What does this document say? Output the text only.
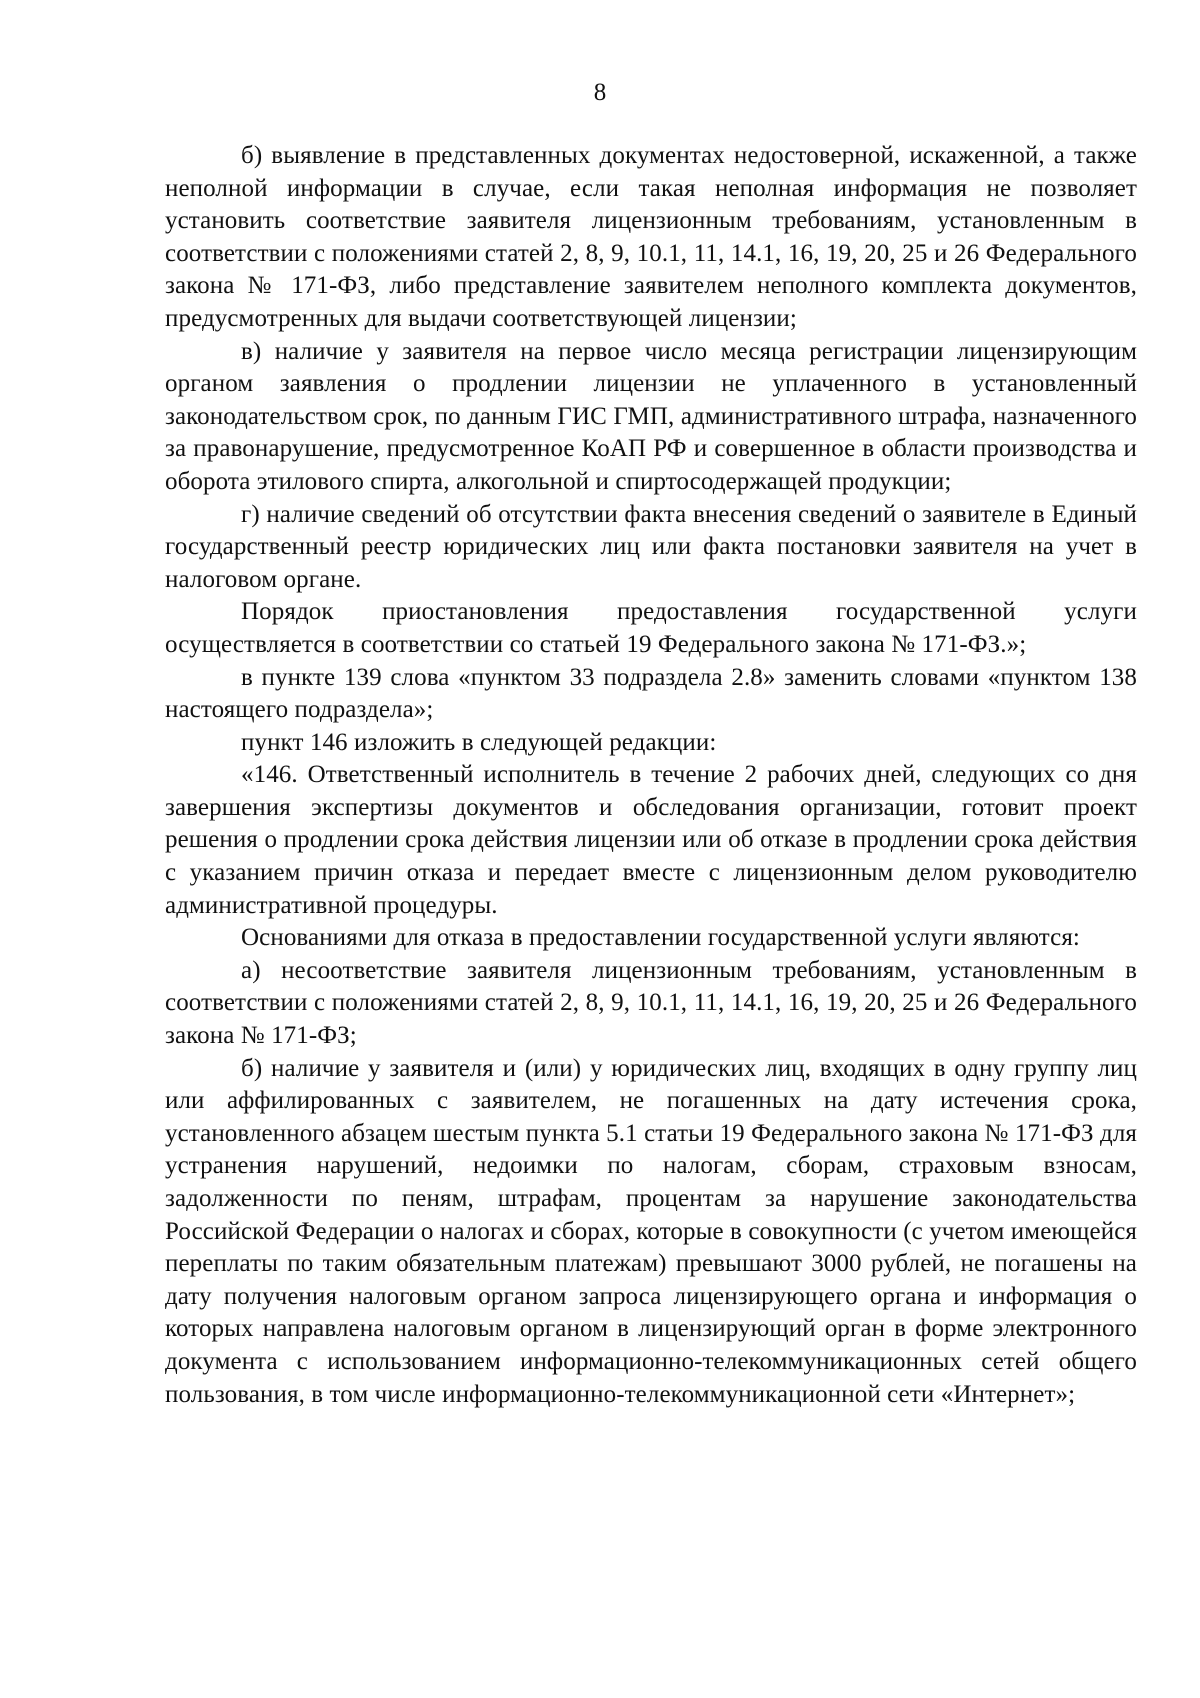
8

б) выявление в представленных документах недостоверной, искаженной, а также неполной информации в случае, если такая неполная информация не позволяет установить соответствие заявителя лицензионным требованиям, установленным в соответствии с положениями статей 2, 8, 9, 10.1, 11, 14.1, 16, 19, 20, 25 и 26 Федерального закона № 171-ФЗ, либо представление заявителем неполного комплекта документов, предусмотренных для выдачи соответствующей лицензии;

в) наличие у заявителя на первое число месяца регистрации лицензирующим органом заявления о продлении лицензии не уплаченного в установленный законодательством срок, по данным ГИС ГМП, административного штрафа, назначенного за правонарушение, предусмотренное КоАП РФ и совершенное в области производства и оборота этилового спирта, алкогольной и спиртосодержащей продукции;

г) наличие сведений об отсутствии факта внесения сведений о заявителе в Единый государственный реестр юридических лиц или факта постановки заявителя на учет в налоговом органе.

Порядок приостановления предоставления государственной услуги осуществляется в соответствии со статьей 19 Федерального закона № 171-ФЗ.»;

в пункте 139 слова «пунктом 33 подраздела 2.8» заменить словами «пунктом 138 настоящего подраздела»;

пункт 146 изложить в следующей редакции:

«146. Ответственный исполнитель в течение 2 рабочих дней, следующих со дня завершения экспертизы документов и обследования организации, готовит проект решения о продлении срока действия лицензии или об отказе в продлении срока действия с указанием причин отказа и передает вместе с лицензионным делом руководителю административной процедуры.

Основаниями для отказа в предоставлении государственной услуги являются:

а) несоответствие заявителя лицензионным требованиям, установленным в соответствии с положениями статей 2, 8, 9, 10.1, 11, 14.1, 16, 19, 20, 25 и 26 Федерального закона № 171-ФЗ;

б) наличие у заявителя и (или) у юридических лиц, входящих в одну группу лиц или аффилированных с заявителем, не погашенных на дату истечения срока, установленного абзацем шестым пункта 5.1 статьи 19 Федерального закона № 171-ФЗ для устранения нарушений, недоимки по налогам, сборам, страховым взносам, задолженности по пеням, штрафам, процентам за нарушение законодательства Российской Федерации о налогах и сборах, которые в совокупности (с учетом имеющейся переплаты по таким обязательным платежам) превышают 3000 рублей, не погашены на дату получения налоговым органом запроса лицензирующего органа и информация о которых направлена налоговым органом в лицензирующий орган в форме электронного документа с использованием информационно-телекоммуникационных сетей общего пользования, в том числе информационно-телекоммуникационной сети «Интернет»;
